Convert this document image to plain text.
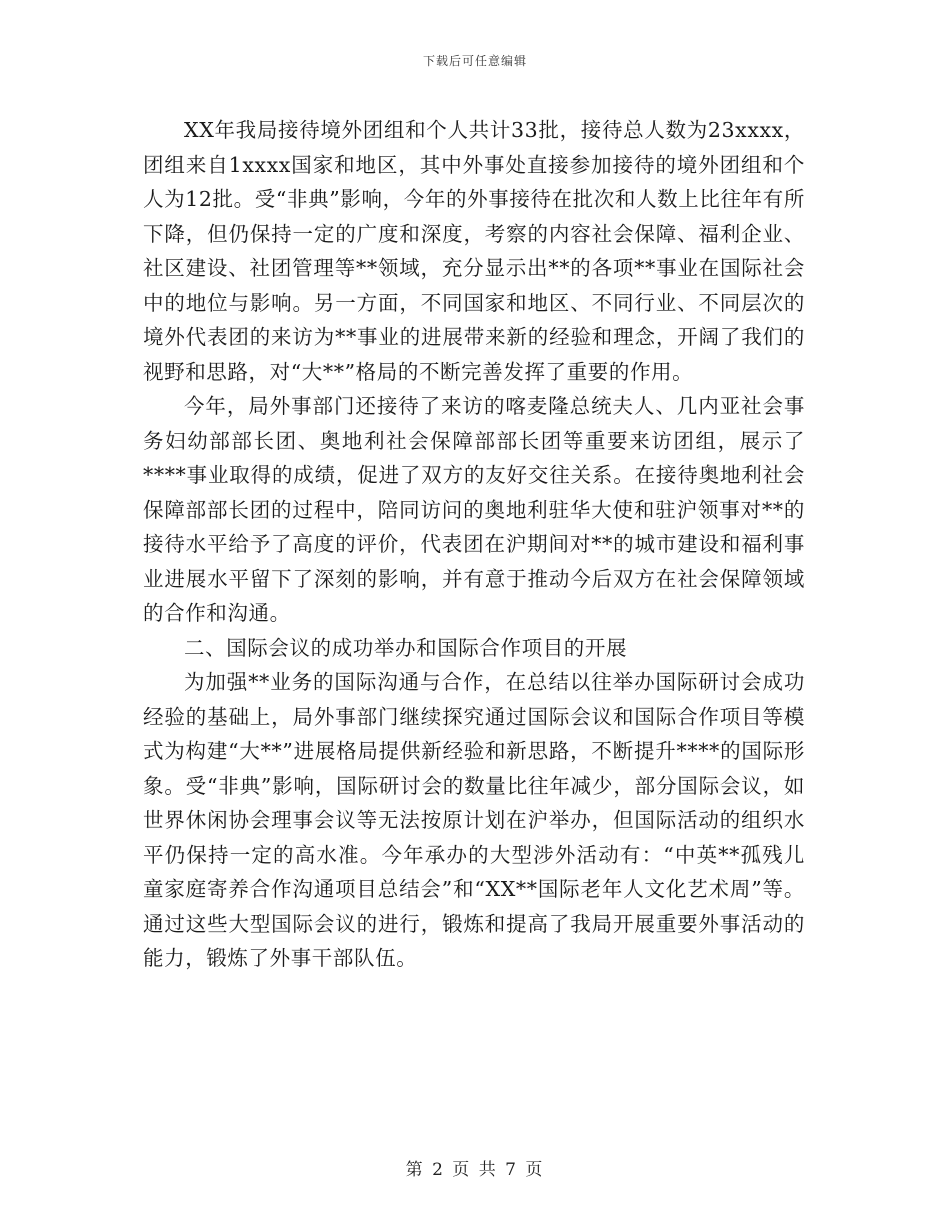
下载后可任意编辑

XX年我局接待境外团组和个人共计33批，接待总人数为23xxxx，团组来自1xxxx国家和地区，其中外事处直接参加接待的境外团组和个人为12批。受“非典”影响，今年的外事接待在批次和人数上比往年有所下降，但仍保持一定的广度和深度，考察的内容社会保障、福利企业、社区建设、社团管理等**领域，充分显示出**的各项**事业在国际社会中的地位与影响。另一方面，不同国家和地区、不同行业、不同层次的境外代表团的来访为**事业的进展带来新的经验和理念，开阔了我们的视野和思路，对“大**”格局的不断完善发挥了重要的作用。

今年，局外事部门还接待了来访的喀麦隆总统夫人、几内亚社会事务妇幼部部长团、奥地利社会保障部部长团等重要来访团组，展示了****事业取得的成绩，促进了双方的友好交往关系。在接待奥地利社会保障部部长团的过程中，陪同访问的奥地利驻华大使和驻沪领事对**的接待水平给予了高度的评价，代表团在沪期间对**的城市建设和福利事业进展水平留下了深刻的影响，并有意于推动今后双方在社会保障领域的合作和沟通。

二、国际会议的成功举办和国际合作项目的开展

为加强**业务的国际沟通与合作，在总结以往举办国际研讨会成功经验的基础上，局外事部门继续探究通过国际会议和国际合作项目等模式为构建“大**”进展格局提供新经验和新思路，不断提升****的国际形象。受“非典”影响，国际研讨会的数量比往年减少，部分国际会议，如世界休闲协会理事会议等无法按原计划在沪举办，但国际活动的组织水平仍保持一定的高水准。今年承办的大型涉外活动有：“中英**孤残儿童家庭寄养合作沟通项目总结会”和“XX**国际老年人文化艺术周”等。通过这些大型国际会议的进行，锻炼和提高了我局开展重要外事活动的能力，锻炼了外事干部队伍。

第 2 页 共 7 页
